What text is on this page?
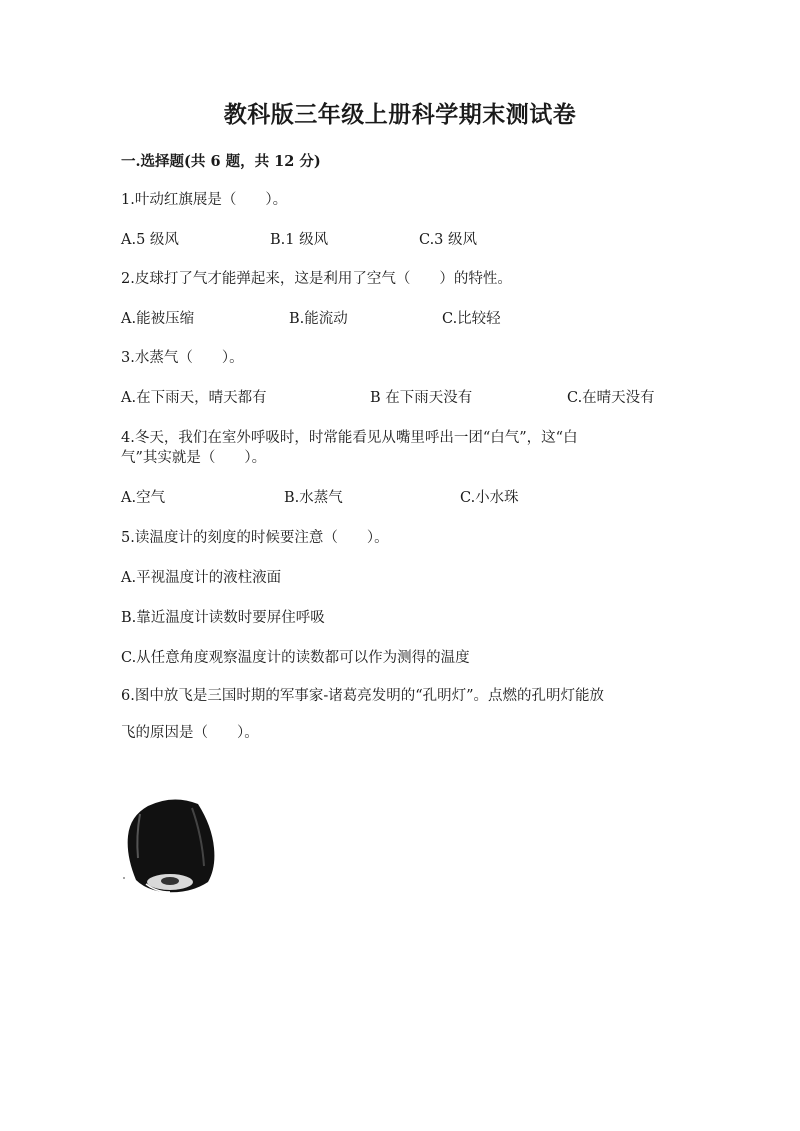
教科版三年级上册科学期末测试卷
一.选择题(共 6 题，共 12 分)
1.叶动红旗展是（　　）。
A.5 级风	B.1 级风	C.3 级风
2.皮球打了气才能弹起来，这是利用了空气（　　）的特性。
A.能被压缩	B.能流动	C.比较轻
3.水蒸气（　　）。
A.在下雨天，晴天都有	B 在下雨天没有	C.在晴天没有
4.冬天，我们在室外呼吸时，时常能看见从嘴里呼出一团“白气”，这“白
气”其实就是（　　）。
A.空气	B.水蒸气	C.小水珠
5.读温度计的刻度的时候要注意（　　）。
A.平视温度计的液柱液面
B.靠近温度计读数时要屏住呼吸
C.从任意角度观察温度计的读数都可以作为测得的温度
6.图中放飞是三国时期的军事家-诸葛亮发明的“孔明灯”。点燃的孔明灯能放
飞的原因是（　　）。
